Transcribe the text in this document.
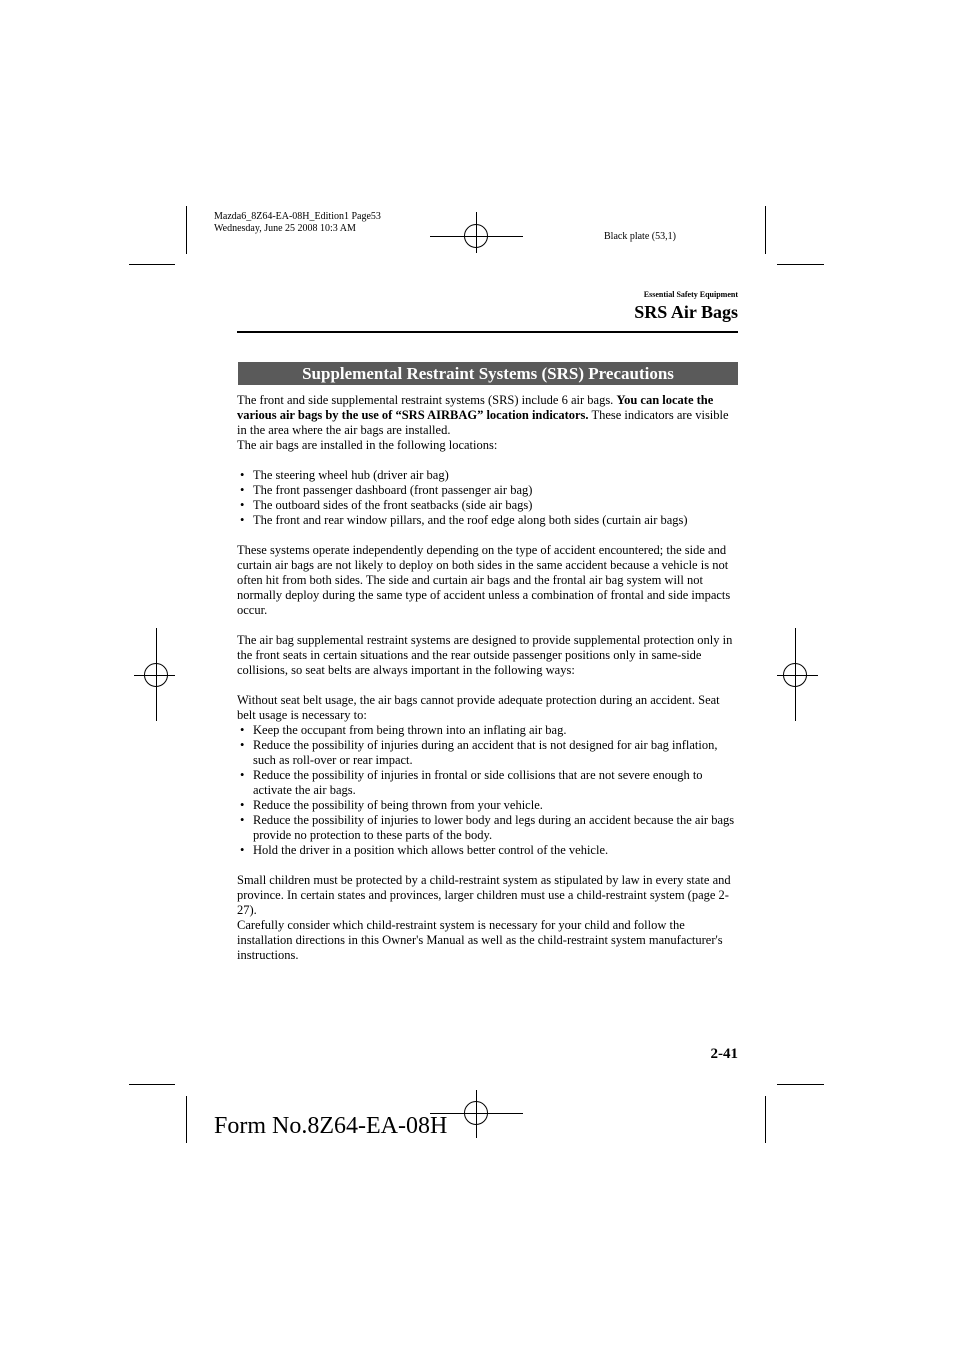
Mazda6_8Z64-EA-08H_Edition1 Page53
Wednesday, June 25 2008 10:3 AM
Black plate (53,1)
Essential Safety Equipment
SRS Air Bags
Supplemental Restraint Systems (SRS) Precautions

The front and side supplemental restraint systems (SRS) include 6 air bags. You can locate the various air bags by the use of “SRS AIRBAG” location indicators. These indicators are visible in the area where the air bags are installed.

The air bags are installed in the following locations:

• The steering wheel hub (driver air bag)
• The front passenger dashboard (front passenger air bag)
• The outboard sides of the front seatbacks (side air bags)
• The front and rear window pillars, and the roof edge along both sides (curtain air bags)

These systems operate independently depending on the type of accident encountered; the side and curtain air bags are not likely to deploy on both sides in the same accident because a vehicle is not often hit from both sides. The side and curtain air bags and the frontal air bag system will not normally deploy during the same type of accident unless a combination of frontal and side impacts occur.

The air bag supplemental restraint systems are designed to provide supplemental protection only in the front seats in certain situations and the rear outside passenger positions only in same-side collisions, so seat belts are always important in the following ways:

Without seat belt usage, the air bags cannot provide adequate protection during an accident. Seat belt usage is necessary to:

• Keep the occupant from being thrown into an inflating air bag.
• Reduce the possibility of injuries during an accident that is not designed for air bag inflation, such as roll-over or rear impact.
• Reduce the possibility of injuries in frontal or side collisions that are not severe enough to activate the air bags.
• Reduce the possibility of being thrown from your vehicle.
• Reduce the possibility of injuries to lower body and legs during an accident because the air bags provide no protection to these parts of the body.
• Hold the driver in a position which allows better control of the vehicle.

Small children must be protected by a child-restraint system as stipulated by law in every state and province. In certain states and provinces, larger children must use a child-restraint system (page 2-27).

Carefully consider which child-restraint system is necessary for your child and follow the installation directions in this Owner's Manual as well as the child-restraint system manufacturer's instructions.

2-41
Form No.8Z64-EA-08H
